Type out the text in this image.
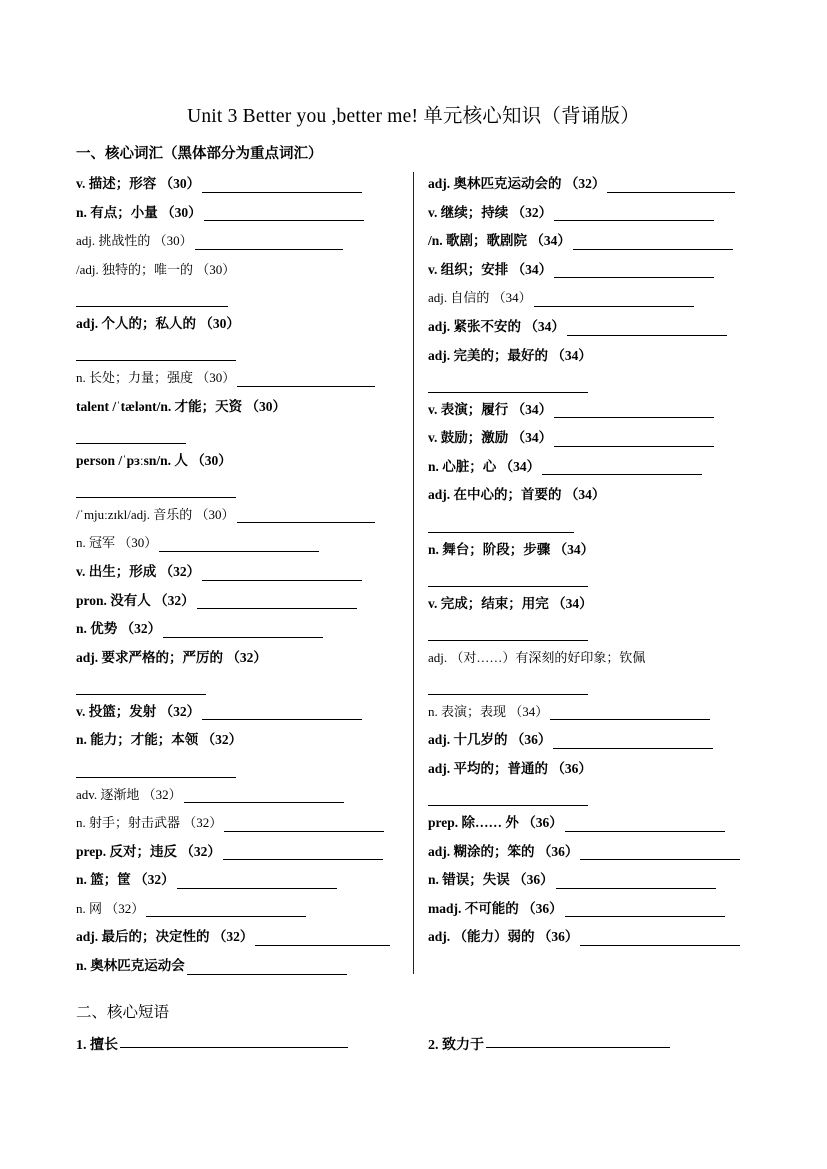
Unit 3 Better you ,better me! 单元核心知识（背诵版）
一、核心词汇（黑体部分为重点词汇）
v. 描述；形容 （30）
n. 有点；小量 （30）
adj. 挑战性的 （30）
/adj. 独特的；唯一的 （30）
adj. 个人的；私人的 （30）
n. 长处；力量；强度 （30）
talent /ˈtælənt/n. 才能；天资 （30）
person /ˈpɜːsn/n. 人 （30）
/ˈmjuːzɪkl/adj. 音乐的 （30）
n. 冠军 （30）
v. 出生；形成 （32）
pron. 没有人 （32）
n. 优势 （32）
adj. 要求严格的；严厉的 （32）
v. 投篮；发射 （32）
n. 能力；才能；本领 （32）
adv. 逐渐地 （32）
n. 射手；射击武器 （32）
prep. 反对；违反 （32）
n. 篮；筐 （32）
n. 网 （32）
adj. 最后的；决定性的 （32）
n. 奥林匹克运动会
adj. 奥林匹克运动会的 （32）
v. 继续；持续 （32）
/n. 歌剧；歌剧院 （34）
v. 组织；安排 （34）
adj. 自信的 （34）
adj. 紧张不安的 （34）
adj. 完美的；最好的 （34）
v. 表演；履行 （34）
v. 鼓励；激励 （34）
n. 心脏；心 （34）
adj. 在中心的；首要的 （34）
n. 舞台；阶段；步骤 （34）
v. 完成；结束；用完 （34）
adj. （对……）有深刻的好印象；钦佩
n. 表演；表现 （34）
adj. 十几岁的 （36）
adj. 平均的；普通的 （36）
prep. 除…… 外 （36）
adj. 糊涂的；笨的 （36）
n. 错误；失误 （36）
madj. 不可能的 （36）
adj. （能力）弱的 （36）
二、核心短语
1. 擅长	2. 致力于
